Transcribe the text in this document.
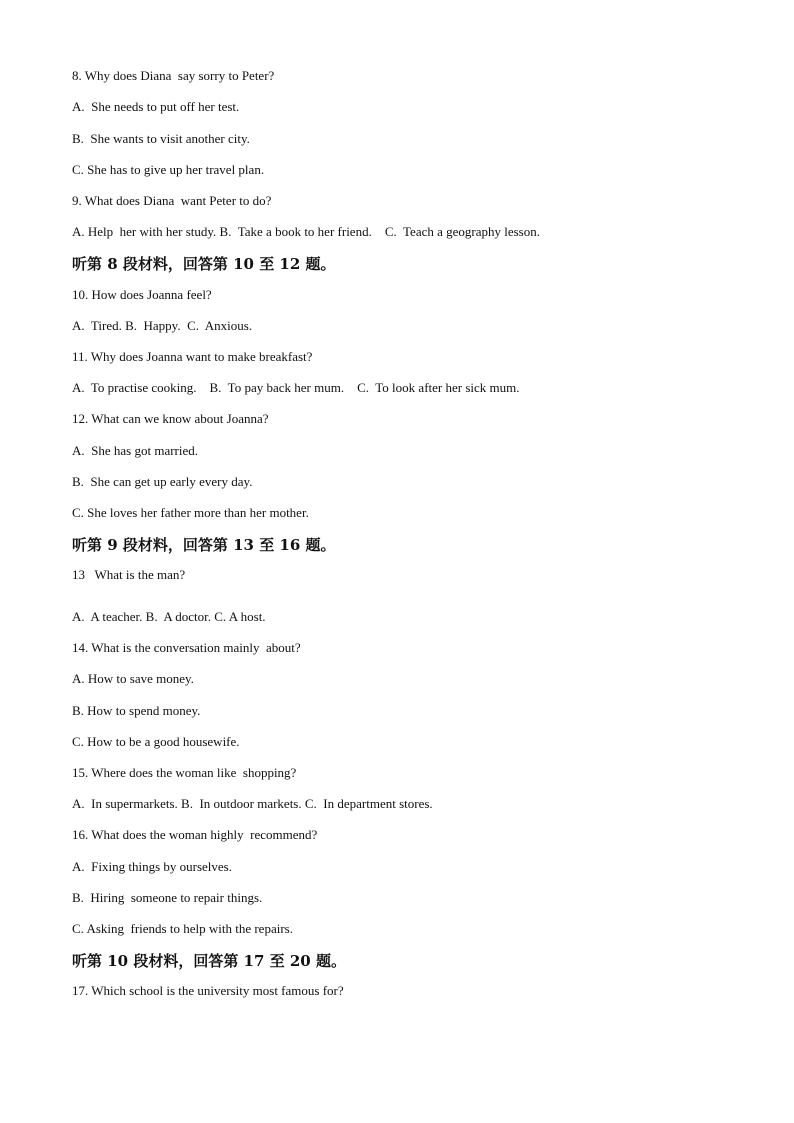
8. Why does Diana  say sorry to Peter?
A.  She needs to put off her test.
B.  She wants to visit another city.
C. She has to give up her travel plan.
9. What does Diana  want Peter to do?
A. Help  her with her study. B.  Take a book to her friend.    C.  Teach a geography lesson.
听第 8 段材料，回答第 10 至 12 题。
10. How does Joanna feel?
A.  Tired. B.  Happy.  C.  Anxious.
11. Why does Joanna want to make breakfast?
A.  To practise cooking.    B.  To pay back her mum.    C.  To look after her sick mum.
12. What can we know about Joanna?
A.  She has got married.
B.  She can get up early every day.
C. She loves her father more than her mother.
听第 9 段材料，回答第 13 至 16 题。
13   What is the man?
A.  A teacher. B.  A doctor. C. A host.
14. What is the conversation mainly  about?
A. How to save money.
B. How to spend money.
C. How to be a good housewife.
15. Where does the woman like  shopping?
A.  In supermarkets. B.  In outdoor markets. C.  In department stores.
16. What does the woman highly  recommend?
A.  Fixing things by ourselves.
B.  Hiring  someone to repair things.
C. Asking  friends to help with the repairs.
听第 10 段材料，回答第 17 至 20 题。
17. Which school is the university most famous for?
